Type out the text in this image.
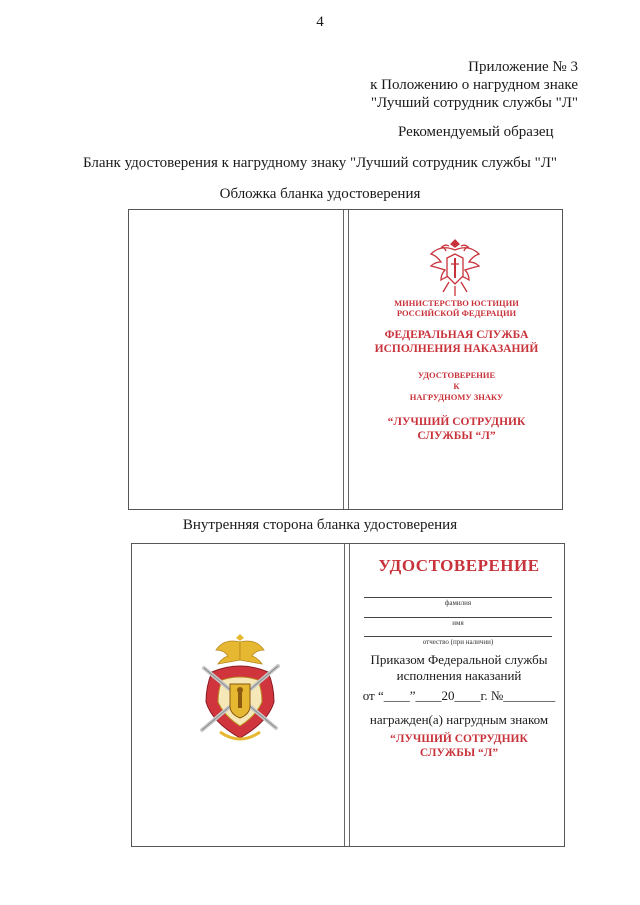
4
Приложение № 3
к Положению о нагрудном знаке
"Лучший сотрудник службы "Л"
Рекомендуемый образец
Бланк удостоверения к нагрудному знаку "Лучший сотрудник службы "Л"
Обложка бланка удостоверения
МИНИСТЕРСТВО ЮСТИЦИИ
РОССИЙСКОЙ ФЕДЕРАЦИИ
ФЕДЕРАЛЬНАЯ СЛУЖБА
ИСПОЛНЕНИЯ НАКАЗАНИЙ
УДОСТОВЕРЕНИЕ
К
НАГРУДНОМУ ЗНАКУ
“ЛУЧШИЙ СОТРУДНИК
СЛУЖБЫ “Л”
Внутренняя сторона бланка удостоверения
УДОСТОВЕРЕНИЕ
фамилия
имя
отчество (при наличии)
Приказом Федеральной службы
исполнения наказаний
от “____”____20____г. №________
награжден(а) нагрудным знаком
“ЛУЧШИЙ СОТРУДНИК
СЛУЖБЫ “Л”
